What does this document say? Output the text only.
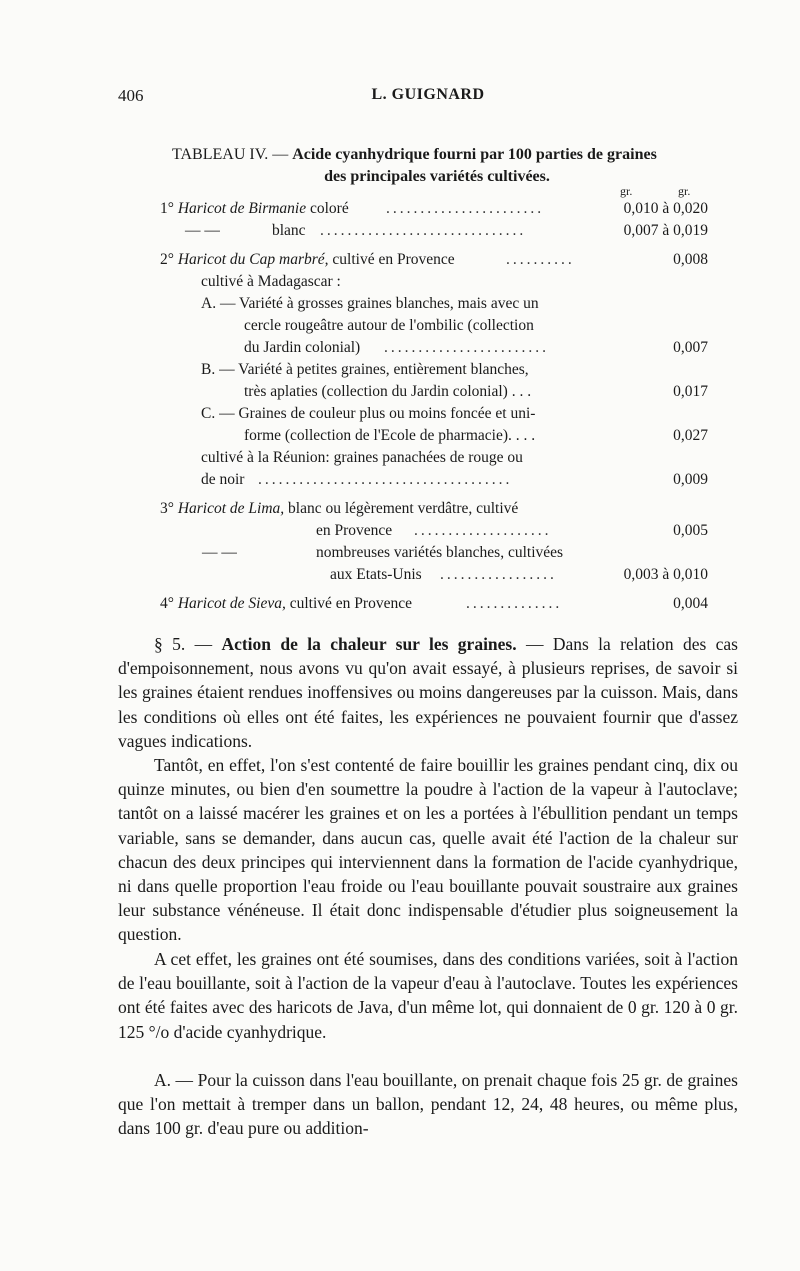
406	L. GUIGNARD
TABLEAU IV. — Acide cyanhydrique fourni par 100 parties de graines
des principales variétés cultivées.
gr.	gr.
1° Haricot de Birmanie coloré .......................	0,010 à 0,020
— —	blanc ..............................	0,007 à 0,019
2° Haricot du Cap marbré, cultivé en Provence	..........	0,008
cultivé à Madagascar :
A. — Variété à grosses graines blanches, mais avec un
cercle rougeâtre autour de l'ombilic (collection
du Jardin colonial) ........................	0,007
B. — Variété à petites graines, entièrement blanches,
très aplaties (collection du Jardin colonial) . . .	0,017
C. — Graines de couleur plus ou moins foncée et uni-
forme (collection de l'Ecole de pharmacie). . . .	0,027
cultivé à la Réunion: graines panachées de rouge ou
de noir .....................................	0,009
3° Haricot de Lima, blanc ou légèrement verdâtre, cultivé
en Provence ....................	0,005
— —	nombreuses variétés blanches, cultivées
aux Etats-Unis .................	0,003 à 0,010
4° Haricot de Sieva, cultivé en Provence	..............	0,004

§ 5. — Action de la chaleur sur les graines. — Dans la relation des cas d'empoisonnement, nous avons vu qu'on avait essayé, à plusieurs reprises, de savoir si les graines étaient rendues inoffensives ou moins dangereuses par la cuisson. Mais, dans les conditions où elles ont été faites, les expériences ne pouvaient fournir que d'assez vagues indications.

Tantôt, en effet, l'on s'est contenté de faire bouillir les graines pendant cinq, dix ou quinze minutes, ou bien d'en soumettre la poudre à l'action de la vapeur à l'autoclave; tantôt on a laissé macérer les graines et on les a portées à l'ébullition pendant un temps variable, sans se demander, dans aucun cas, quelle avait été l'action de la chaleur sur chacun des deux principes qui interviennent dans la formation de l'acide cyanhydrique, ni dans quelle proportion l'eau froide ou l'eau bouillante pouvait soustraire aux graines leur substance vénéneuse. Il était donc indispensable d'étudier plus soigneusement la question.

A cet effet, les graines ont été soumises, dans des conditions variées, soit à l'action de l'eau bouillante, soit à l'action de la vapeur d'eau à l'autoclave. Toutes les expériences ont été faites avec des haricots de Java, d'un même lot, qui donnaient de 0 gr. 120 à 0 gr. 125 °/o d'acide cyanhydrique.

A. — Pour la cuisson dans l'eau bouillante, on prenait chaque fois 25 gr. de graines que l'on mettait à tremper dans un ballon, pendant 12, 24, 48 heures, ou même plus, dans 100 gr. d'eau pure ou addition-
